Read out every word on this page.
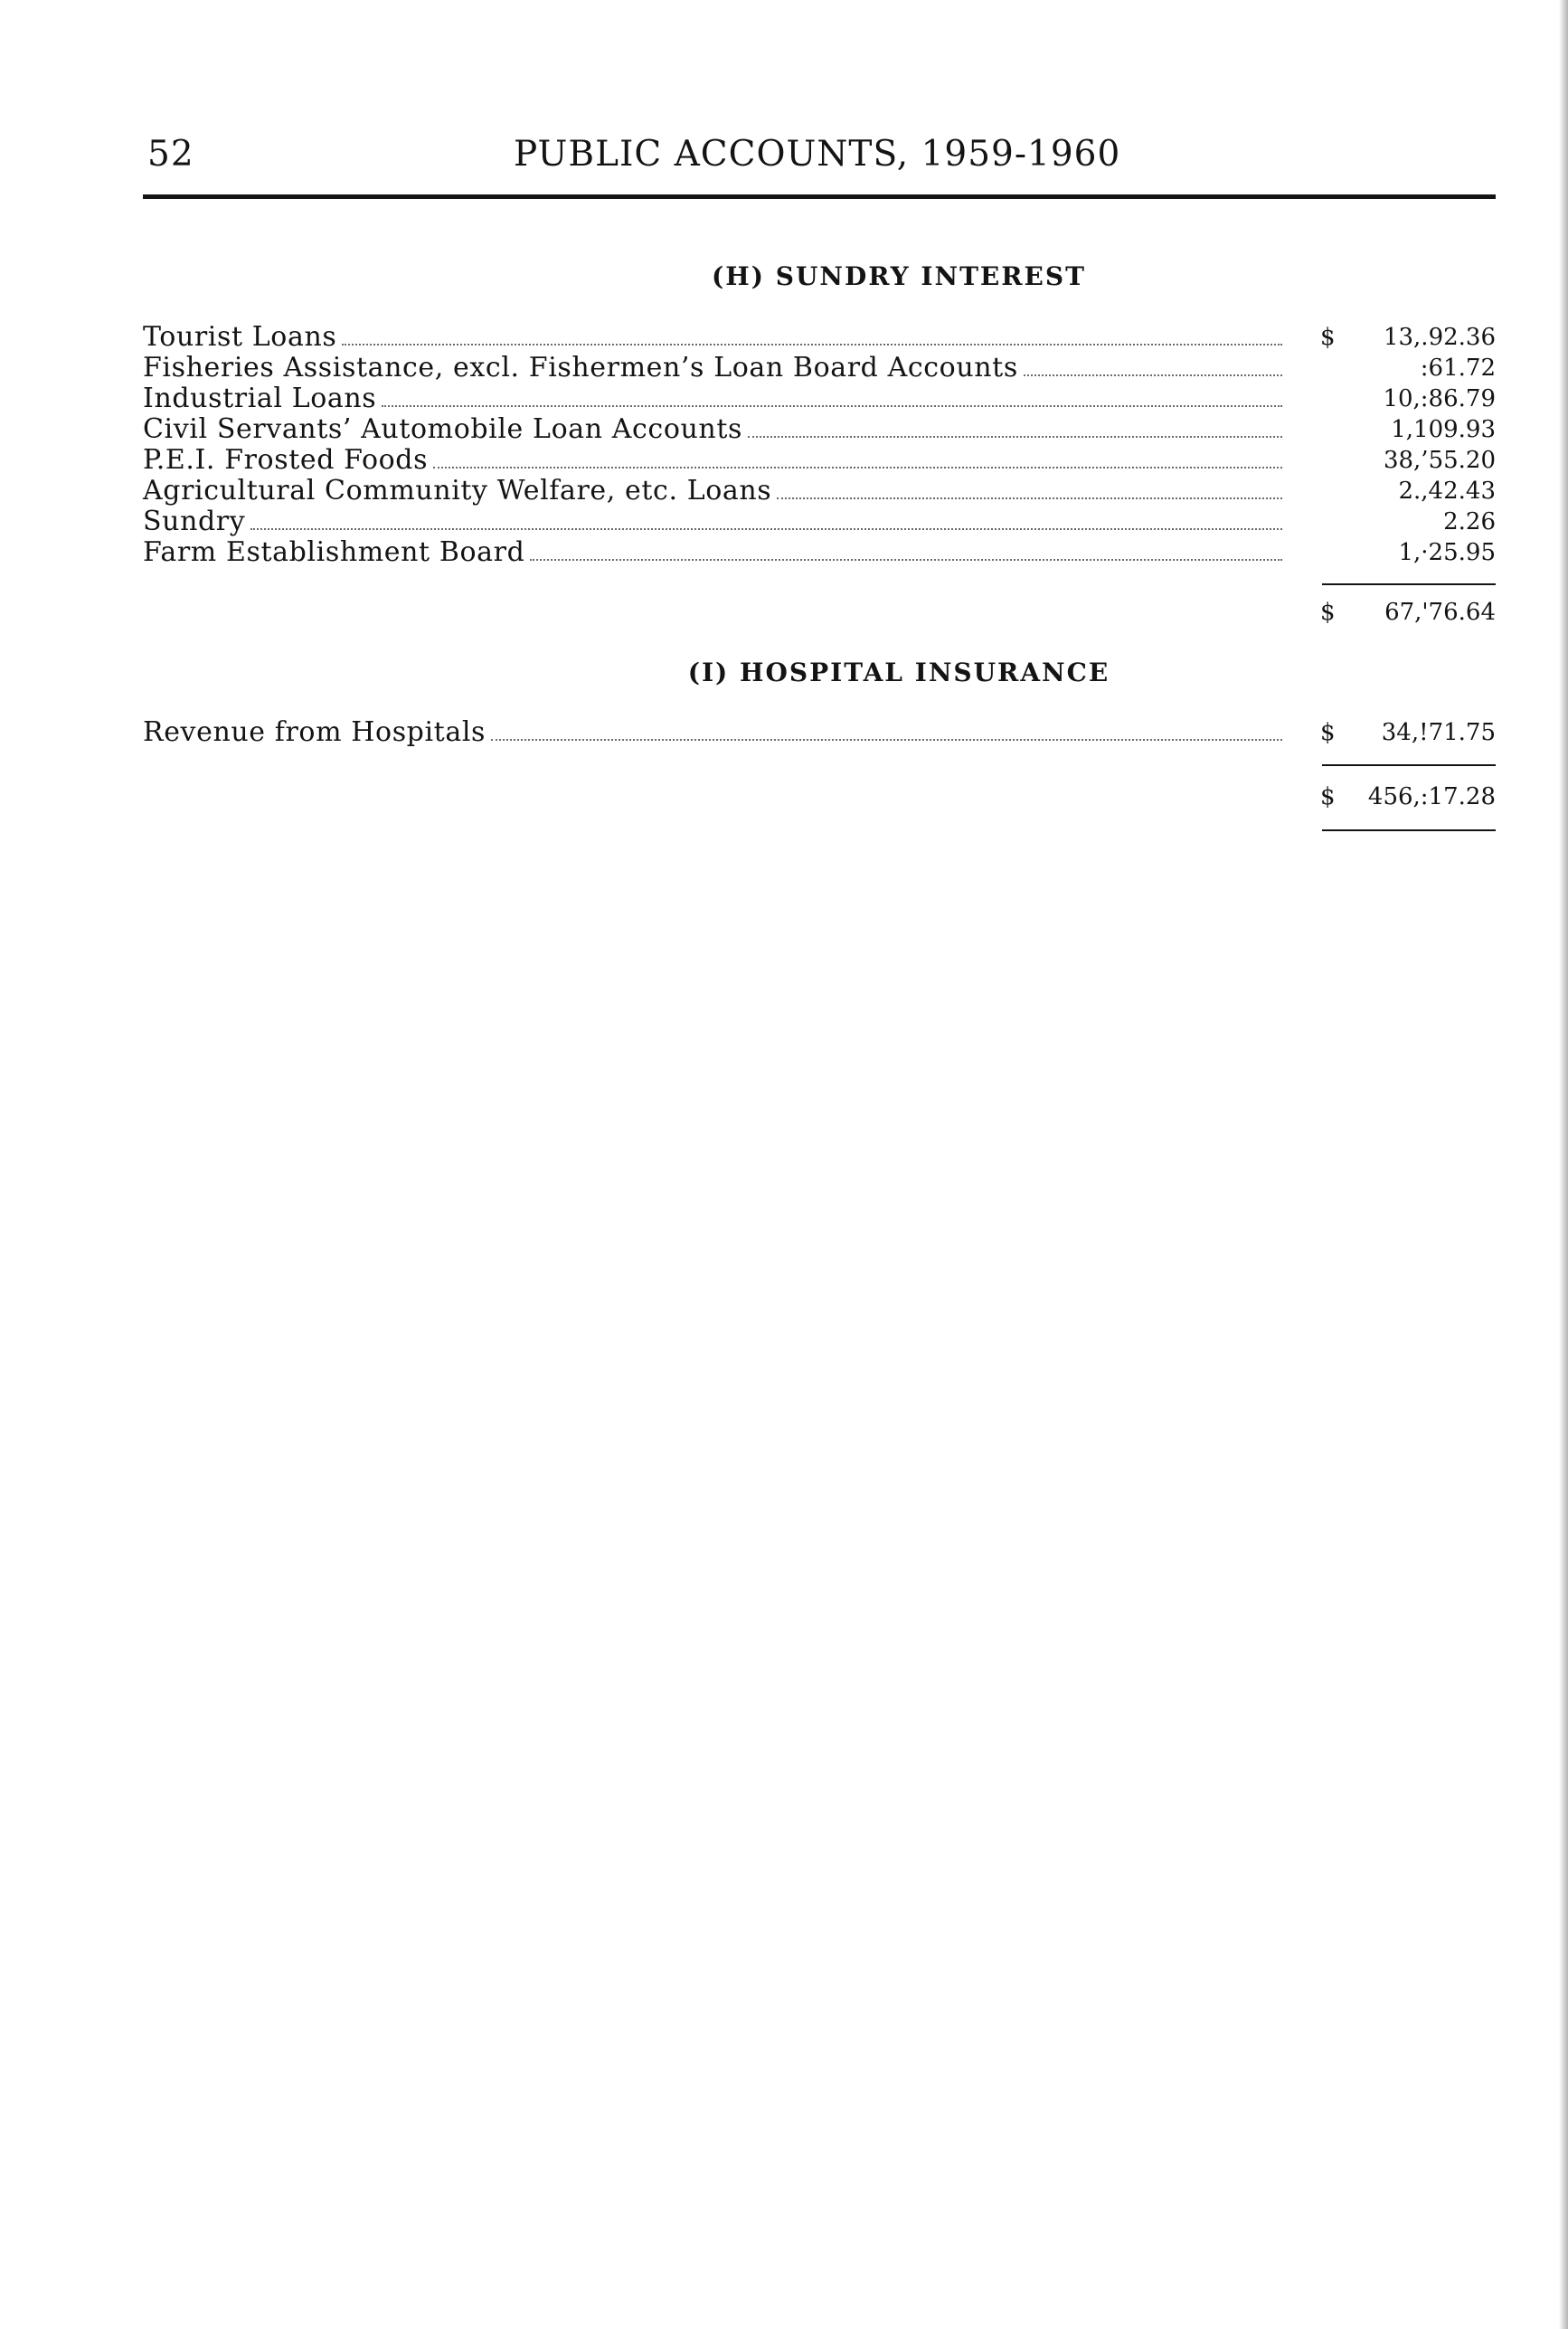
52	PUBLIC ACCOUNTS, 1959-1960
(H) SUNDRY INTEREST
Tourist Loans	$ 13,.92.36
Fisheries Assistance, excl. Fishermen’s Loan Board Accounts	:61.72
Industrial Loans	10,:86.79
Civil Servants’ Automobile Loan Accounts	1,109.93
P.E.I. Frosted Foods	38,’55.20
Agricultural Community Welfare, etc. Loans	2.,42.43
Sundry	2.26
Farm Establishment Board	1,·25.95
$ 67,'76.64
(I) HOSPITAL INSURANCE
Revenue from Hospitals	$ 34,!71.75
$ 456,:17.28
